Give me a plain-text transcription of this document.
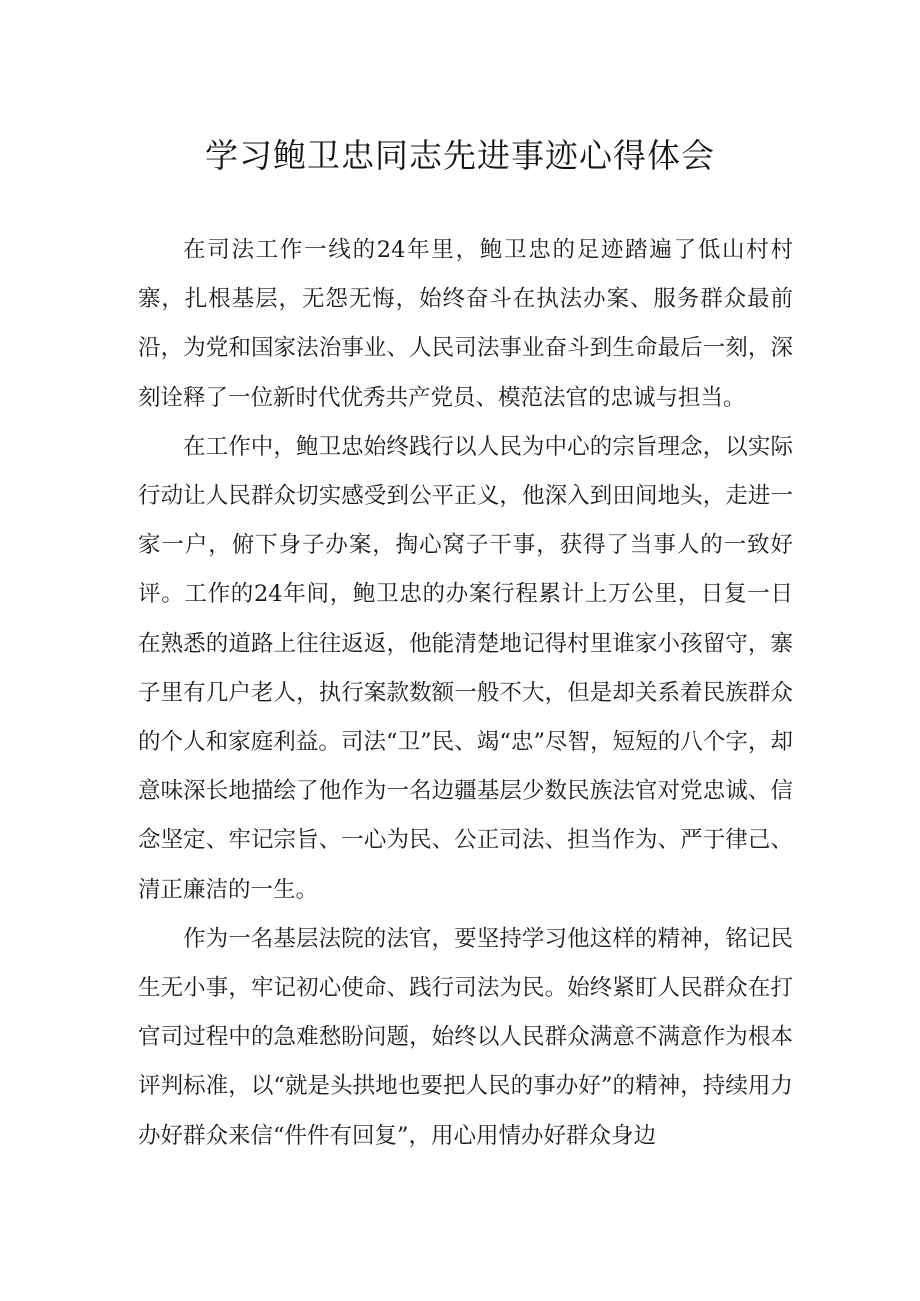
学习鲍卫忠同志先进事迹心得体会

在司法工作一线的24年里，鲍卫忠的足迹踏遍了低山村村寨，扎根基层，无怨无悔，始终奋斗在执法办案、服务群众最前沿，为党和国家法治事业、人民司法事业奋斗到生命最后一刻，深刻诠释了一位新时代优秀共产党员、模范法官的忠诚与担当。

在工作中，鲍卫忠始终践行以人民为中心的宗旨理念，以实际行动让人民群众切实感受到公平正义，他深入到田间地头，走进一家一户，俯下身子办案，掏心窝子干事，获得了当事人的一致好评。工作的24年间，鲍卫忠的办案行程累计上万公里，日复一日在熟悉的道路上往往返返，他能清楚地记得村里谁家小孩留守，寨子里有几户老人，执行案款数额一般不大，但是却关系着民族群众的个人和家庭利益。司法“卫”民、竭“忠”尽智，短短的八个字，却意味深长地描绘了他作为一名边疆基层少数民族法官对党忠诚、信念坚定、牢记宗旨、一心为民、公正司法、担当作为、严于律己、清正廉洁的一生。

作为一名基层法院的法官，要坚持学习他这样的精神，铭记民生无小事，牢记初心使命、践行司法为民。始终紧盯人民群众在打官司过程中的急难愁盼问题，始终以人民群众满意不满意作为根本评判标准，以“就是头拱地也要把人民的事办好”的精神，持续用力办好群众来信“件件有回复”，用心用情办好群众身边
